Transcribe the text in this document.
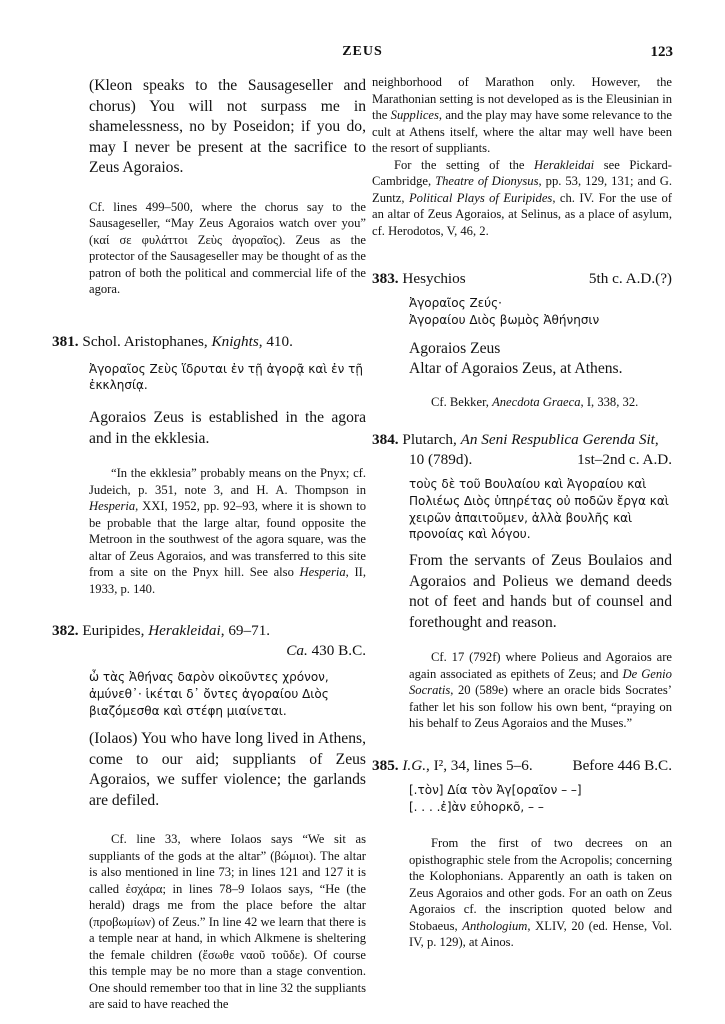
ZEUS	123

(Kleon speaks to the Sausageseller and chorus) You will not surpass me in shamelessness, no by Poseidon; if you do, may I never be present at the sacrifice to Zeus Agoraios.

Cf. lines 499–500, where the chorus say to the Sausageseller, “May Zeus Agoraios watch over you” (καί σε φυλάττοι Ζεὺς ἀγοραῖος). Zeus as the protector of the Sausageseller may be thought of as the patron of both the political and commercial life of the agora.

381. Schol. Aristophanes, Knights, 410.

Ἀγοραῖος Ζεὺς ἵδρυται ἐν τῇ ἀγορᾷ καὶ ἐν τῇ ἐκκλησίᾳ.

Agoraios Zeus is established in the agora and in the ekklesia.

“In the ekklesia” probably means on the Pnyx; cf. Judeich, p. 351, note 3, and H. A. Thompson in Hesperia, XXI, 1952, pp. 92–93, where it is shown to be probable that the large altar, found opposite the Metroon in the southwest of the agora square, was the altar of Zeus Agoraios, and was transferred to this site from a site on the Pnyx hill. See also Hesperia, II, 1933, p. 140.

382. Euripides, Herakleidai, 69–71.
Ca. 430 B.C.

ὦ τὰς Ἀθήνας δαρὸν οἰκοῦντες χρόνον, ἀμύνεθ᾽· ἱκέται δ᾽ ὄντες ἀγοραίου Διὸς βιαζόμεσθα καὶ στέφη μιαίνεται.

(Iolaos) You who have long lived in Athens, come to our aid; suppliants of Zeus Agoraios, we suffer violence; the garlands are defiled.

Cf. line 33, where Iolaos says “We sit as suppliants of the gods at the altar” (βώμιοι). The altar is also mentioned in line 73; in lines 121 and 127 it is called ἐσχάρα; in lines 78–9 Iolaos says, “He (the herald) drags me from the place before the altar (προβωμίων) of Zeus.” In line 42 we learn that there is a temple near at hand, in which Alkmene is sheltering the female children (ἔσωθε ναοῦ τοῦδε). Of course this temple may be no more than a stage convention. One should remember too that in line 32 the suppliants are said to have reached the

neighborhood of Marathon only. However, the Marathonian setting is not developed as is the Eleusinian in the Supplices, and the play may have some relevance to the cult at Athens itself, where the altar may well have been the resort of suppliants.

For the setting of the Herakleidai see Pickard-Cambridge, Theatre of Dionysus, pp. 53, 129, 131; and G. Zuntz, Political Plays of Euripides, ch. IV. For the use of an altar of Zeus Agoraios, at Selinus, as a place of asylum, cf. Herodotos, V, 46, 2.

383. Hesychios	5th c. A.D.(?)

Ἀγοραῖος Ζεύς·

Ἀγοραίου Διὸς βωμὸς Ἀθήνησιν

Agoraios Zeus

Altar of Agoraios Zeus, at Athens.

Cf. Bekker, Anecdota Graeca, I, 338, 32.

384. Plutarch, An Seni Respublica Gerenda Sit,
10 (789d).	1st–2nd c. A.D.

τοὺς δὲ τοῦ Βουλαίου καὶ Ἀγοραίου καὶ Πολιέως Διὸς ὑπηρέτας οὐ ποδῶν ἔργα καὶ χειρῶν ἀπαιτοῦμεν, ἀλλὰ βουλῆς καὶ προνοίας καὶ λόγου.

From the servants of Zeus Boulaios and Agoraios and Polieus we demand deeds not of feet and hands but of counsel and forethought and reason.

Cf. 17 (792f) where Polieus and Agoraios are again associated as epithets of Zeus; and De Genio Socratis, 20 (589e) where an oracle bids Socrates’ father let his son follow his own bent, “praying on his behalf to Zeus Agoraios and the Muses.”

385. I.G., I², 34, lines 5–6.	Before 446 B.C.

[.τὸν] Δία τὸν Ἀγ[οραῖον – –]

[. . . .ἐ]ὰν εὐhορκõ, – –

From the first of two decrees on an opisthographic stele from the Acropolis; concerning the Kolophonians. Apparently an oath is taken on Zeus Agoraios and other gods. For an oath on Zeus Agoraios cf. the inscription quoted below and Stobaeus, Anthologium, XLIV, 20 (ed. Hense, Vol. IV, p. 129), at Ainos.
